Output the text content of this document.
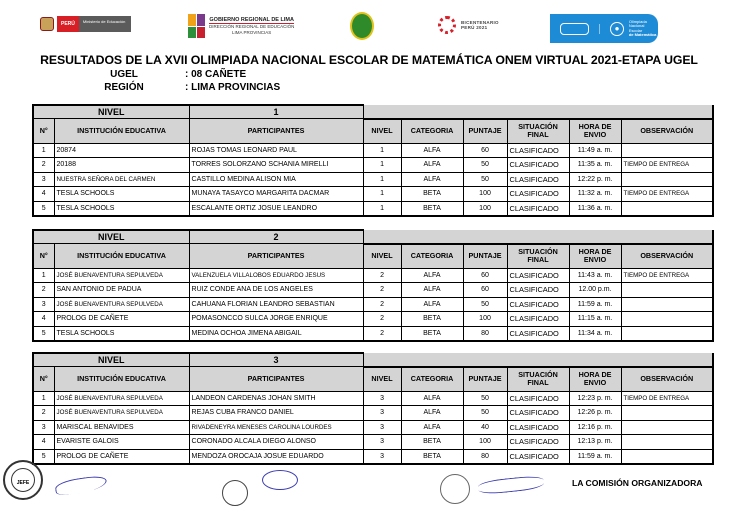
PERÚ	Ministerio de Educación	GOBIERNO REGIONAL DE LIMA
DIRECCIÓN REGIONAL DE EDUCACIÓN
LIMA PROVINCIAS
BICENTENARIO
PERÚ 2021	●
Olimpiada
Nacional Escolar
de Matemática
RESULTADOS DE LA XVII OLIMPIADA NACIONAL ESCOLAR DE MATEMÁTICA ONEM VIRTUAL 2021-ETAPA UGEL
UGEL	: 08 CAÑETE
REGIÓN	: LIMA PROVINCIAS
NIVEL		1						
N°	INSTITUCIÓN EDUCATIVA	PARTICIPANTES	NIVEL	CATEGORIA	PUNTAJE	SITUACIÓN FINAL	HORA DE ENVIO	OBSERVACIÓN
1	20874	ROJAS TOMAS LEONARD PAUL	1	ALFA	60	CLASIFICADO	11:49 a. m.	
2	20188	TORRES SOLORZANO SCHANIA MIRELLI	1	ALFA	50	CLASIFICADO	11:35 a. m.	TIEMPO DE ENTREGA
3	NUESTRA SEÑORA DEL CARMEN	CASTILLO MEDINA ALISON MIA	1	ALFA	50	CLASIFICADO	12:22 p. m.	
4	TESLA SCHOOLS	MUNAYA TASAYCO MARGARITA DACMAR	1	BETA	100	CLASIFICADO	11:32 a. m.	TIEMPO DE ENTREGA
5	TESLA SCHOOLS	ESCALANTE ORTIZ JOSUE LEANDRO	1	BETA	100	CLASIFICADO	11:36 a. m.	
NIVEL		2						
N°	INSTITUCIÓN EDUCATIVA	PARTICIPANTES	NIVEL	CATEGORIA	PUNTAJE	SITUACIÓN FINAL	HORA DE ENVIO	OBSERVACIÓN
1	JOSÉ BUENAVENTURA SEPULVEDA	VALENZUELA VILLALOBOS EDUARDO JESUS	2	ALFA	60	CLASIFICADO	11:43 a. m.	TIEMPO DE ENTREGA
2	SAN ANTONIO DE PADUA	RUIZ CONDE ANA DE LOS ANGELES	2	ALFA	60	CLASIFICADO	12.00 p.m.	
3	JOSÉ BUENAVENTURA SEPULVEDA	CAHUANA FLORIAN LEANDRO SEBASTIAN	2	ALFA	50	CLASIFICADO	11:59 a. m.	
4	PROLOG DE CAÑETE	POMASONCCO SULCA JORGE ENRIQUE	2	BETA	100	CLASIFICADO	11:15 a. m.	
5	TESLA SCHOOLS	MEDINA OCHOA JIMENA ABIGAIL	2	BETA	80	CLASIFICADO	11:34 a. m.	
NIVEL		3						
N°	INSTITUCIÓN EDUCATIVA	PARTICIPANTES	NIVEL	CATEGORIA	PUNTAJE	SITUACIÓN FINAL	HORA DE ENVIO	OBSERVACIÓN
1	JOSÉ BUENAVENTURA SEPULVEDA	LANDEON CARDENAS JOHAN SMITH	3	ALFA	50	CLASIFICADO	12:23 p. m.	TIEMPO DE ENTREGA
2	JOSÉ BUENAVENTURA SEPULVEDA	REJAS CUBA FRANCO DANIEL	3	ALFA	50	CLASIFICADO	12:26 p. m.	
3	MARISCAL BENAVIDES	RIVADENEYRA MENESES CAROLINA LOURDES	3	ALFA	40	CLASIFICADO	12:16 p. m.	
4	EVARISTE GALOIS	CORONADO ALCALA DIEGO ALONSO	3	BETA	100	CLASIFICADO	12:13 p. m.	
5	PROLOG DE CAÑETE	MENDOZA OROCAJA JOSUE EDUARDO	3	BETA	80	CLASIFICADO	11:59 a. m.	
JEFE	LA COMISIÓN ORGANIZADORA
